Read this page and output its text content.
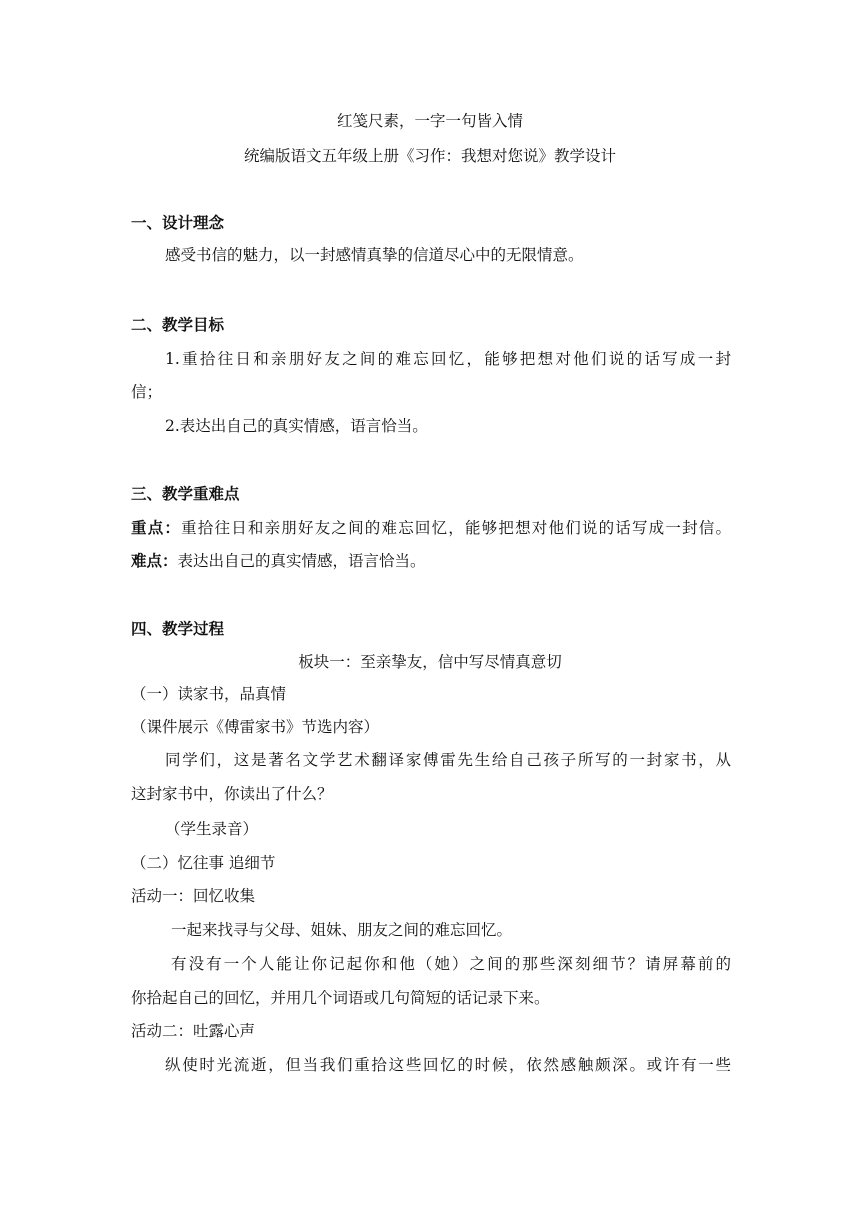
红笺尺素，一字一句皆入情
统编版语文五年级上册《习作：我想对您说》教学设计
一、设计理念
感受书信的魅力，以一封感情真挚的信道尽心中的无限情意。
二、教学目标
1.重拾往日和亲朋好友之间的难忘回忆，能够把想对他们说的话写成一封
信；
2.表达出自己的真实情感，语言恰当。
三、教学重难点
重点：重拾往日和亲朋好友之间的难忘回忆，能够把想对他们说的话写成一封信。
难点：表达出自己的真实情感，语言恰当。
四、教学过程
板块一：至亲挚友，信中写尽情真意切
（一）读家书，品真情
（课件展示《傅雷家书》节选内容）
同学们，这是著名文学艺术翻译家傅雷先生给自己孩子所写的一封家书，从
这封家书中，你读出了什么？
（学生录音）
（二）忆往事 追细节
活动一：回忆收集
一起来找寻与父母、姐妹、朋友之间的难忘回忆。
有没有一个人能让你记起你和他（她）之间的那些深刻细节？请屏幕前的
你拾起自己的回忆，并用几个词语或几句简短的话记录下来。
活动二：吐露心声
纵使时光流逝，但当我们重拾这些回忆的时候，依然感触颇深。或许有一些
